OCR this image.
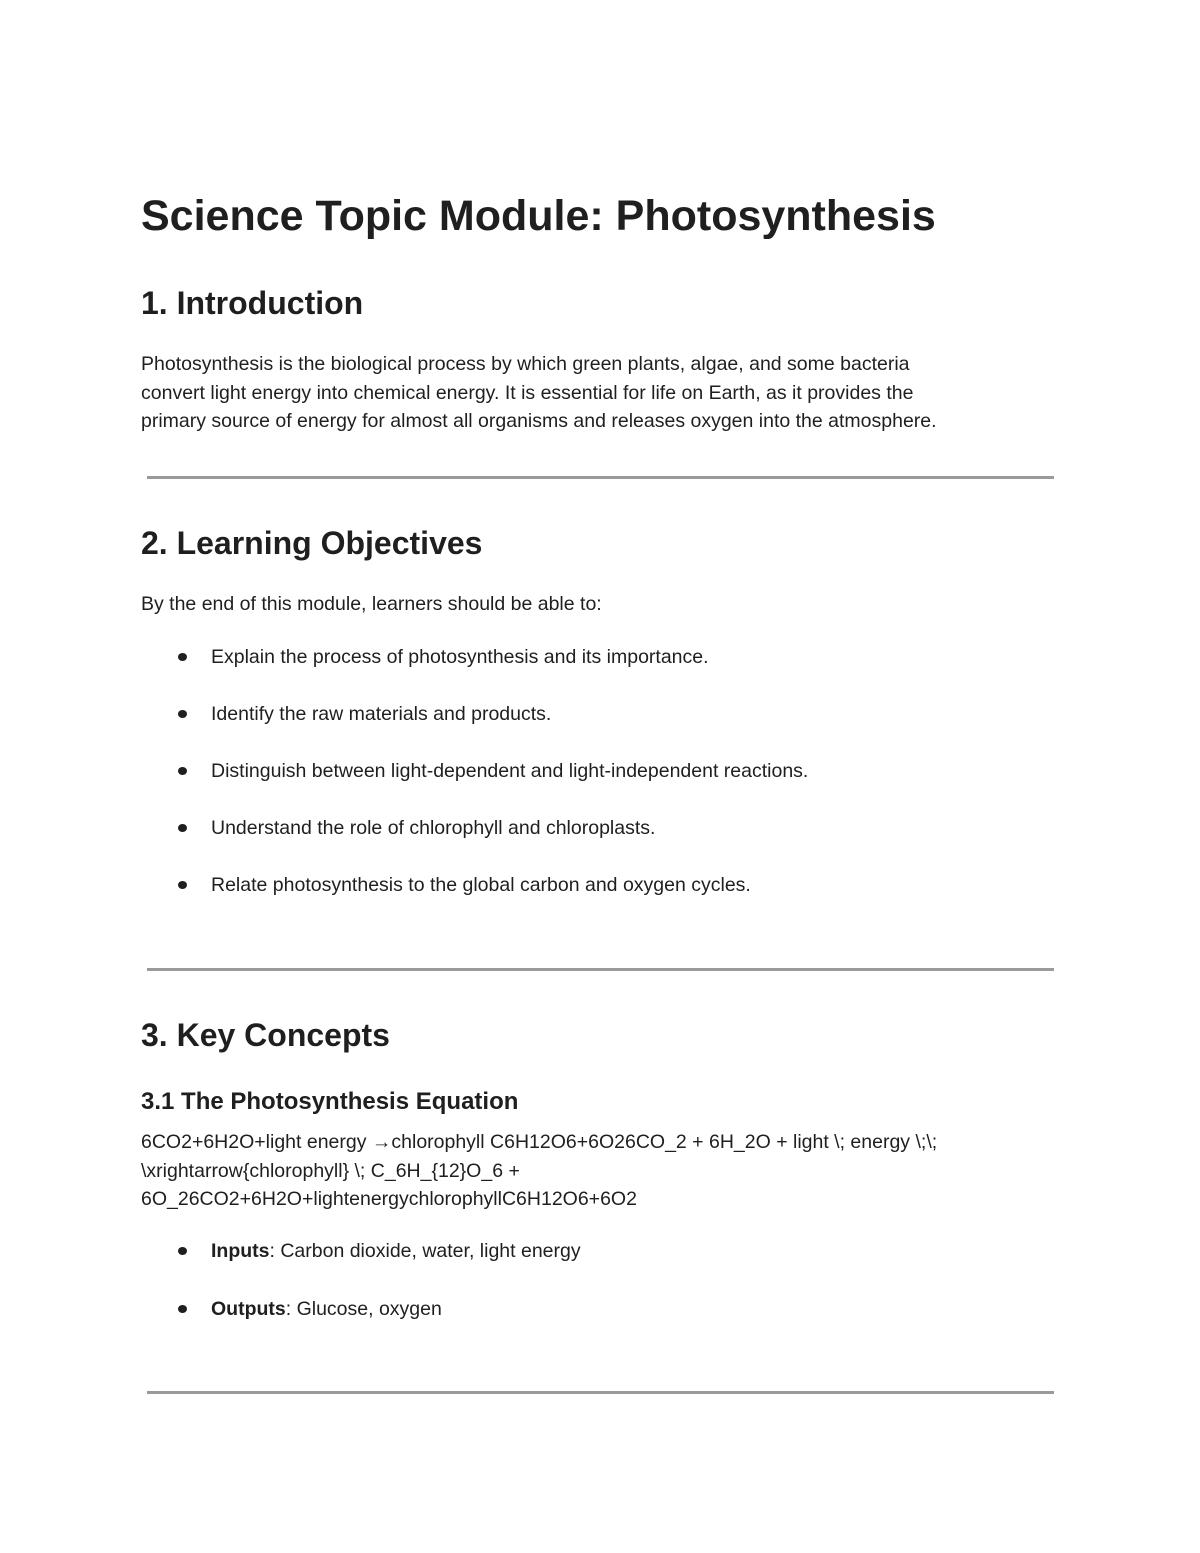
Science Topic Module: Photosynthesis
1. Introduction

Photosynthesis is the biological process by which green plants, algae, and some bacteria
convert light energy into chemical energy. It is essential for life on Earth, as it provides the
primary source of energy for almost all organisms and releases oxygen into the atmosphere.

2. Learning Objectives

By the end of this module, learners should be able to:

Explain the process of photosynthesis and its importance.
Identify the raw materials and products.
Distinguish between light-dependent and light-independent reactions.
Understand the role of chlorophyll and chloroplasts.
Relate photosynthesis to the global carbon and oxygen cycles.
3. Key Concepts
3.1 The Photosynthesis Equation

6CO2+6H2O+light energy →chlorophyll C6H12O6+6O26CO_2 + 6H_2O + light \; energy \;\;
\xrightarrow{chlorophyll} \; C_6H_{12}O_6 +
6O_26CO2+6H2O+lightenergychlorophyllC6H12O6+6O2

Inputs: Carbon dioxide, water, light energy
Outputs: Glucose, oxygen
